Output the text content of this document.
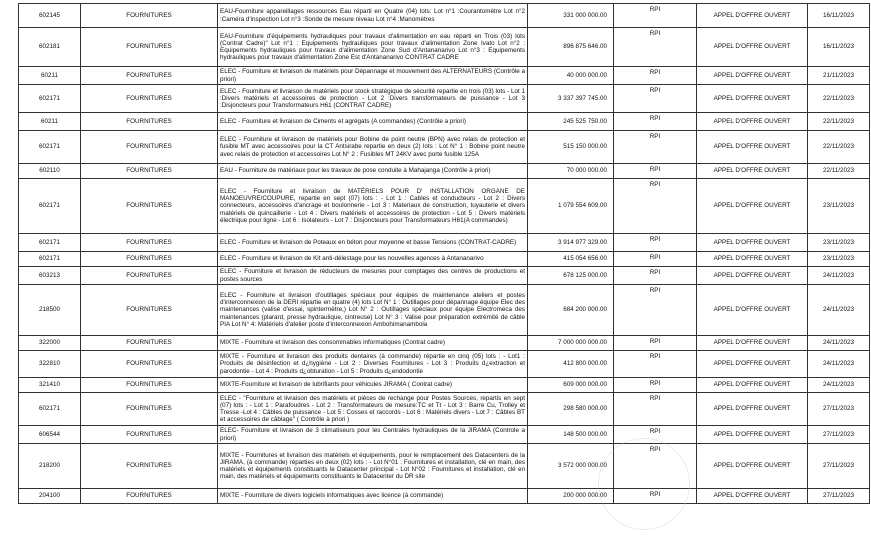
602145	FOURNITURES	EAU-Fourniture appareillages ressources Eau réparti en Quatre (04) lots: Lot n°1 :Courantomètre Lot n°2 :Caméra d'inspection Lot n°3 :Sonde de mesure niveau Lot n°4 :Manomètres	331 000 000.00	RPI	APPEL D'OFFRE OUVERT	16/11/2023
602181	FOURNITURES	EAU-Fourniture d'équipements hydrauliques pour travaux d'alimentation en eau réparti en Trois (03) lots (Contrat Cadre)" Lot n°1 : Equipements hydrauliques pour travaux d'alimentation Zone Ivato Lot n°2 : Equipements hydrauliques pour travaux d'alimentation Zone Sud d'Antananarivo Lot n°3 : Equipements hydrauliques pour travaux d'alimentation Zone Est d'Antananarivo CONTRAT CADRE	896 875 646.00	RPI	APPEL D'OFFRE OUVERT	16/11/2023
60211	FOURNITURES	ELEC - Fourniture et livraison de matériels pour Dépannage et mouvement des ALTERNATEURS (Contrôle a priori)	40 000 000.00	RPI	APPEL D'OFFRE OUVERT	21/11/2023
602171	FOURNITURES	ELEC - Fourniture et livraison de matériels pour stock stratégique de sécurité repartie en trois (03) lots - Lot 1 :Divers matériels et accessoires de protection - Lot 2 :Divers transformateurs de puissance - Lot 3 :Disjoncteurs pour Transformateurs H61 (CONTRAT CADRE)	3 337 397 745.00	RPI	APPEL D'OFFRE OUVERT	22/11/2023
60211	FOURNITURES	ELEC - Fourniture et livraison de Ciments et agrégats (A commandes) (Contrôle a priori)	245 525 750.00	RPI	APPEL D'OFFRE OUVERT	22/11/2023
602171	FOURNITURES	ELEC - Fourniture et livraison de matériels pour Bobine de point neutre (BPN) avec relais de protection et fusible MT avec accessoires pour la CT Antsirabe repartie en deux (2) lots : Lot N° 1 : Bobine point neutre avec relais de protection et accessoires Lot N° 2 : Fusibles MT 24KV avec porte fusible 125A	515 150 000.00	RPI	APPEL D'OFFRE OUVERT	22/11/2023
602110	FOURNITURES	EAU - Fourniture de matériaux pour les travaux de pose conduite à Mahajanga (Contrôle à priori)	70 000 000.00	RPI	APPEL D'OFFRE OUVERT	22/11/2023
602171	FOURNITURES	ELEC - Fourniture et livraison de MATÉRIELS POUR D' INSTALLATION ORGANE DE MANOEUVRE/COUPURE, repartie en sept (07) lots : - Lot 1 : Cables et conducteurs - Lot 2 : Divers connecteurs, accessoires d'ancrage et boulonnerie - Lot 3 : Materiaux de construction, tuyauterie et divers matériels de quincaillerie - Lot 4 : Divers matériels et accessoires de protection - Lot 5 : Divers matériels électrique pour ligne - Lot 6 : Isolateurs - Lot 7 : Disjoncteurs pour Transformateurs H61(A commandes)	1 079 554 609.00	RPI	APPEL D'OFFRE OUVERT	23/11/2023
602171	FOURNITURES	ELEC - Fourniture et livraison de Poteaux en béton pour moyenne et basse Tensions (CONTRAT-CADRE)	3 914 977 329.00	RPI	APPEL D'OFFRE OUVERT	23/11/2023
602171	FOURNITURES	ELEC - Fourniture et livraison de Kit anti-délestage pour les nouvelles agences à Antananarivo	415 054 656.00	RPI	APPEL D'OFFRE OUVERT	23/11/2023
603213	FOURNITURES	ELEC - Fourniture et livraison de réducteurs de mesures pour comptages des centres de productions et postes sources	678 125 000.00	RPI	APPEL D'OFFRE OUVERT	24/11/2023
218500	FOURNITURES	ELEC - Fourniture et livraison d'outillages spéciaux pour équipes de maintenance ateliers et postes d'interconnexion de la DERI répartie en quatre (4) lots Lot N° 1 : Outillages pour dépannage équipe Elec des maintenances (valise d'essai, spintermètre,) Lot N° 2 : Outillages spéciaux pour équipe Electromeca des maintenances (plarard, presse hydraulique, cintreuse) Lot N° 3 : Valise pour préparation extrémité de câble PIA Lot N° 4: Matériels d'atelier poste d'interconnexion Ambohimanambola	684 200 000.00	RPI	APPEL D'OFFRE OUVERT	24/11/2023
322000	FOURNITURES	MIXTE - Fourniture et livraison des consommables informatiques (Contrat cadre)	7 000 000 000.00	RPI	APPEL D'OFFRE OUVERT	24/11/2023
322810	FOURNITURES	MIXTE - Fourniture et livraison des produits dentaires (à commande) répartie en cinq (05) lots : - Lot1 : Produits de désinfection et d¿hygiène - Lot 2 : Diverses Fournitures - Lot 3 : Produits d¿extraction et parodontie - Lot 4 : Produits d¿obturation - Lot 5 : Produits d¿endodontie	412 800 000.00	RPI	APPEL D'OFFRE OUVERT	24/11/2023
321410	FOURNITURES	MIXTE-Fourniture et livraison de lubrifiants pour véhicules JIRAMA ( Contrat cadre)	609 000 000.00	RPI	APPEL D'OFFRE OUVERT	24/11/2023
602171	FOURNITURES	ELEC - "Fourniture et livraison des matériels et pièces de rechange pour Postes Sources, repartis en sept (07) lots : - Lot 1 : Parafoudres - Lot 2 : Transformateurs de mesure:TC et Tt - Lot 3 : Barre Cu, Trolley et Tresse -Lot 4 : Câbles de puissance - Lot 5 : Cosses et raccords - Lot 6 : Matériels divers - Lot 7 : Câbles BT et accessoires de câblage" ( Contrôle à priori )	298 580 000.00	RPI	APPEL D'OFFRE OUVERT	27/11/2023
606544	FOURNITURES	ELEC- Fourniture et livraison de 3 climatiseurs pour les Centrales hydrauliques de la JIRAMA (Controle a priori)	148 500 000.00	RPI	APPEL D'OFFRE OUVERT	27/11/2023
218200	FOURNITURES	MIXTE - Fournitures et livraison des matériels et équipements, pour le remplacement des Datacenters de la JIRAMA, (à commande) réparties en deux (02) lots : - Lot N°01 : Fournitures et installation, clé en main, des matériels et équipements constituants le Datacenter principal - Lot N°02 : Fournitures et installation, clé en main, des matériels et équipements constituants le Datacenter du DR site	3 572 000 000.00	RPI	APPEL D'OFFRE OUVERT	27/11/2023
204100	FOURNITURES	MIXTE - Fourniture de divers logiciels informatiques avec licence (à commande)	200 000 000.00	RPI	APPEL D'OFFRE OUVERT	27/11/2023
